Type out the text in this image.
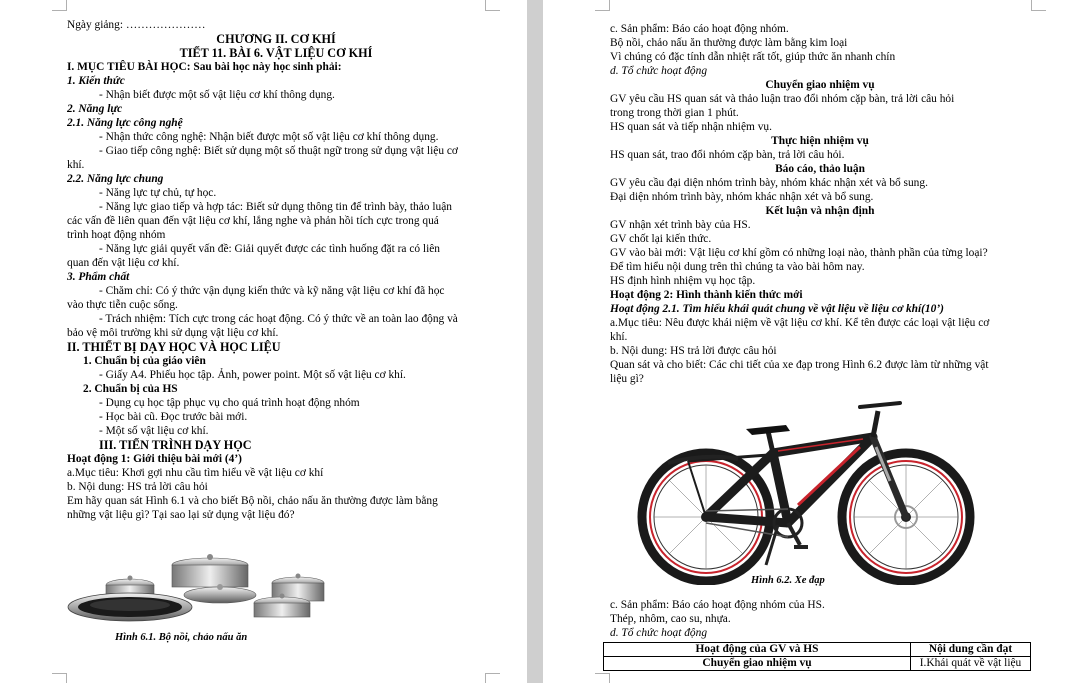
Ngày giảng: …………………
CHƯƠNG II. CƠ KHÍ
TIẾT 11. BÀI 6. VẬT LIỆU CƠ KHÍ
I. MỤC TIÊU BÀI HỌC: Sau bài học này học sinh phải:
1. Kiến thức
- Nhận biết được một số vật liệu cơ khí thông dụng.
2. Năng lực
2.1. Năng lực công nghệ
- Nhận thức công nghệ: Nhận biết được một số vật liệu cơ khí thông dụng.
- Giao tiếp công nghệ: Biết sử dụng một số thuật ngữ trong sử dụng vật liệu cơ
khí.
2.2. Năng lực chung
- Năng lực tự chủ, tự học.
- Năng lực giao tiếp và hợp tác: Biết sử dụng thông tin để trình bày, thảo luận
các vấn đề liên quan đến vật liệu cơ khí, lắng nghe và phản hồi tích cực trong quá
trình hoạt động nhóm
- Năng lực giải quyết vấn đề: Giải quyết được các tình huống đặt ra có liên
quan đến vật liệu cơ khí.
3. Phẩm chất
- Chăm chỉ: Có ý thức vận dụng kiến thức và kỹ năng vật liệu cơ khí đã học
vào thực tiễn cuộc sống.
- Trách nhiệm: Tích cực trong các hoạt động. Có ý thức về an toàn lao động và
bảo vệ môi trường khi sử dụng vật liệu cơ khí.
II. THIẾT BỊ DẠY HỌC VÀ HỌC LIỆU
1. Chuẩn bị của giáo viên
- Giấy A4. Phiếu học tập. Ảnh, power point. Một số vật liệu cơ khí.
2. Chuẩn bị của HS
- Dụng cụ học tập phục vụ cho quá trình hoạt động nhóm
- Học bài cũ. Đọc trước bài mới.
- Một số vật liệu cơ khí.
III. TIẾN TRÌNH DẠY HỌC
Hoạt động 1: Giới thiệu bài mới (4’)
a.Mục tiêu: Khơi gợi nhu cầu tìm hiểu về vật liệu cơ khí
b. Nội dung: HS trả lời câu hỏi
Em hãy quan sát Hình 6.1 và cho biết Bộ nồi, chảo nấu ăn thường được làm bằng
những vật liệu gì? Tại sao lại sử dụng vật liệu đó?
Hình 6.1. Bộ nồi, chảo nấu ăn
c. Sản phẩm: Báo cáo hoạt động nhóm.
Bộ nồi, chảo nấu ăn thường được làm bằng kim loại
Vì chúng có đặc tính dẫn nhiệt rất tốt, giúp thức ăn nhanh chín
d. Tổ chức hoạt động
Chuyển giao nhiệm vụ
GV yêu cầu HS quan sát và thảo luận trao đổi nhóm cặp bàn, trả lời câu hỏi
trong trong thời gian 1 phút.
HS quan sát và tiếp nhận nhiệm vụ.
Thực hiện nhiệm vụ
HS quan sát, trao đổi nhóm cặp bàn, trả lời câu hỏi.
Báo cáo, thảo luận
GV yêu cầu đại diện nhóm trình bày, nhóm khác nhận xét và bổ sung.
Đại diện nhóm trình bày, nhóm khác nhận xét và bổ sung.
Kết luận và nhận định
GV nhận xét trình bày của HS.
GV chốt lại kiến thức.
GV vào bài mới: Vật liệu cơ khí gồm có những loại nào, thành phần của từng loại?
Để tìm hiểu nội dung trên thì chúng ta vào bài hôm nay.
HS định hình nhiệm vụ học tập.
Hoạt động 2: Hình thành kiến thức mới
Hoạt động 2.1. Tìm hiểu khái quát chung về vật liệu về liệu cơ khí(10’)
a.Mục tiêu: Nêu được khái niệm về vật liệu cơ khí. Kể tên được các loại vật liệu cơ
khí.
b. Nội dung: HS trả lời được câu hỏi
Quan sát và cho biết: Các chi tiết của xe đạp trong Hình 6.2 được làm từ những vật
liệu gì?
Hình 6.2. Xe đạp
c. Sản phẩm: Báo cáo hoạt động nhóm của HS.
Thép, nhôm, cao su, nhựa.
d. Tổ chức hoạt động
Hoạt động của GV và HS	Nội dung cần đạt
Chuyển giao nhiệm vụ	I.Khái quát về vật liệu
